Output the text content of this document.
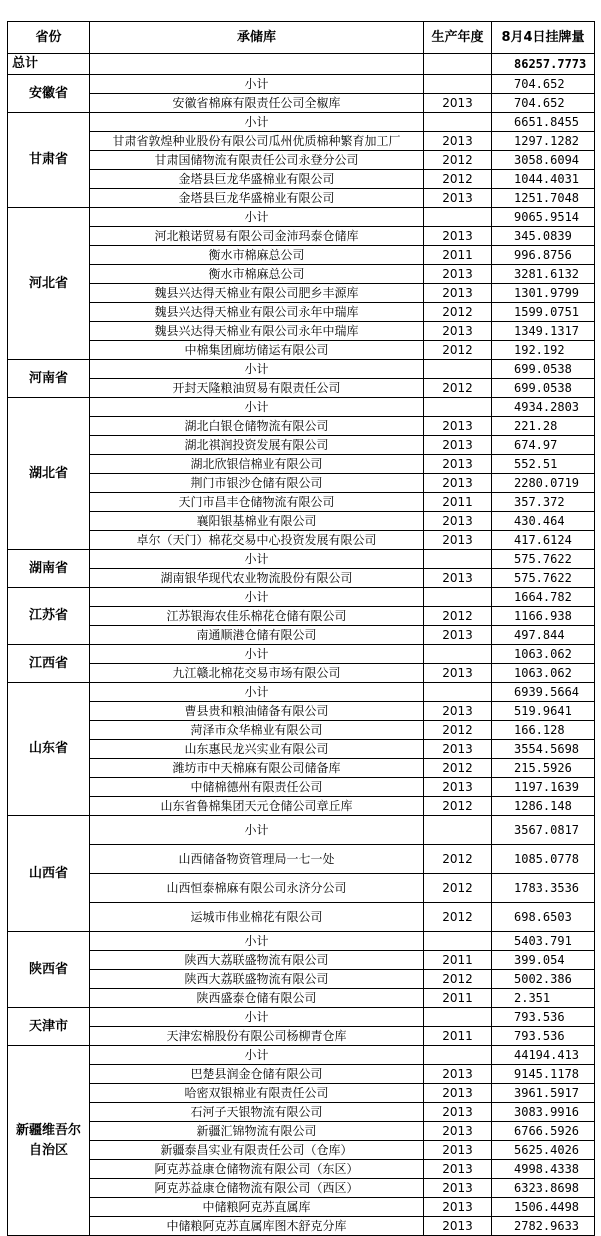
省份	承储库	生产年度	8月4日挂牌量
总计			86257.7773
安徽省	小计		704.652
	安徽省棉麻有限责任公司全椒库	2013	704.652
甘肃省	小计		6651.8455
	甘肃省敦煌种业股份有限公司瓜州优质棉种繁育加工厂	2013	1297.1282
	甘肃国储物流有限责任公司永登分公司	2012	3058.6094
	金塔县巨龙华盛棉业有限公司	2012	1044.4031
	金塔县巨龙华盛棉业有限公司	2013	1251.7048
河北省	小计		9065.9514
	河北粮诺贸易有限公司金沛玛泰仓储库	2013	345.0839
	衡水市棉麻总公司	2011	996.8756
	衡水市棉麻总公司	2013	3281.6132
	魏县兴达得天棉业有限公司肥乡丰源库	2013	1301.9799
	魏县兴达得天棉业有限公司永年中瑞库	2012	1599.0751
	魏县兴达得天棉业有限公司永年中瑞库	2013	1349.1317
	中棉集团廊坊储运有限公司	2012	192.192
河南省	小计		699.0538
	开封天隆粮油贸易有限责任公司	2012	699.0538
湖北省	小计		4934.2803
	湖北白银仓储物流有限公司	2013	221.28
	湖北祺润投资发展有限公司	2013	674.97
	湖北欣银信棉业有限公司	2013	552.51
	荆门市银沙仓储有限公司	2013	2280.0719
	天门市昌丰仓储物流有限公司	2011	357.372
	襄阳银基棉业有限公司	2013	430.464
	卓尔（天门）棉花交易中心投资发展有限公司	2013	417.6124
湖南省	小计		575.7622
	湖南银华现代农业物流股份有限公司	2013	575.7622
江苏省	小计		1664.782
	江苏银海农佳乐棉花仓储有限公司	2012	1166.938
	南通顺港仓储有限公司	2013	497.844
江西省	小计		1063.062
	九江赣北棉花交易市场有限公司	2013	1063.062
山东省	小计		6939.5664
	曹县贵和粮油储备有限公司	2013	519.9641
	菏泽市众华棉业有限公司	2012	166.128
	山东惠民龙兴实业有限公司	2013	3554.5698
	潍坊市中天棉麻有限公司储备库	2012	215.5926
	中储棉德州有限责任公司	2013	1197.1639
	山东省鲁棉集团天元仓储公司章丘库	2012	1286.148
山西省	小计		3567.0817
	山西储备物资管理局一七一处	2012	1085.0778
	山西恒泰棉麻有限公司永济分公司	2012	1783.3536
	运城市伟业棉花有限公司	2012	698.6503
陕西省	小计		5403.791
	陕西大荔联盛物流有限公司	2011	399.054
	陕西大荔联盛物流有限公司	2012	5002.386
	陕西盛泰仓储有限公司	2011	2.351
天津市	小计		793.536
	天津宏棉股份有限公司杨柳青仓库	2011	793.536
新疆维吾尔自治区	小计		44194.413
	巴楚县润金仓储有限公司	2013	9145.1178
	哈密双银棉业有限责任公司	2013	3961.5917
	石河子天银物流有限公司	2013	3083.9916
	新疆汇锦物流有限公司	2013	6766.5926
	新疆泰昌实业有限责任公司（仓库）	2013	5625.4026
	阿克苏益康仓储物流有限公司（东区）	2013	4998.4338
	阿克苏益康仓储物流有限公司（西区）	2013	6323.8698
	中储粮阿克苏直属库	2013	1506.4498
	中储粮阿克苏直属库图木舒克分库	2013	2782.9633
